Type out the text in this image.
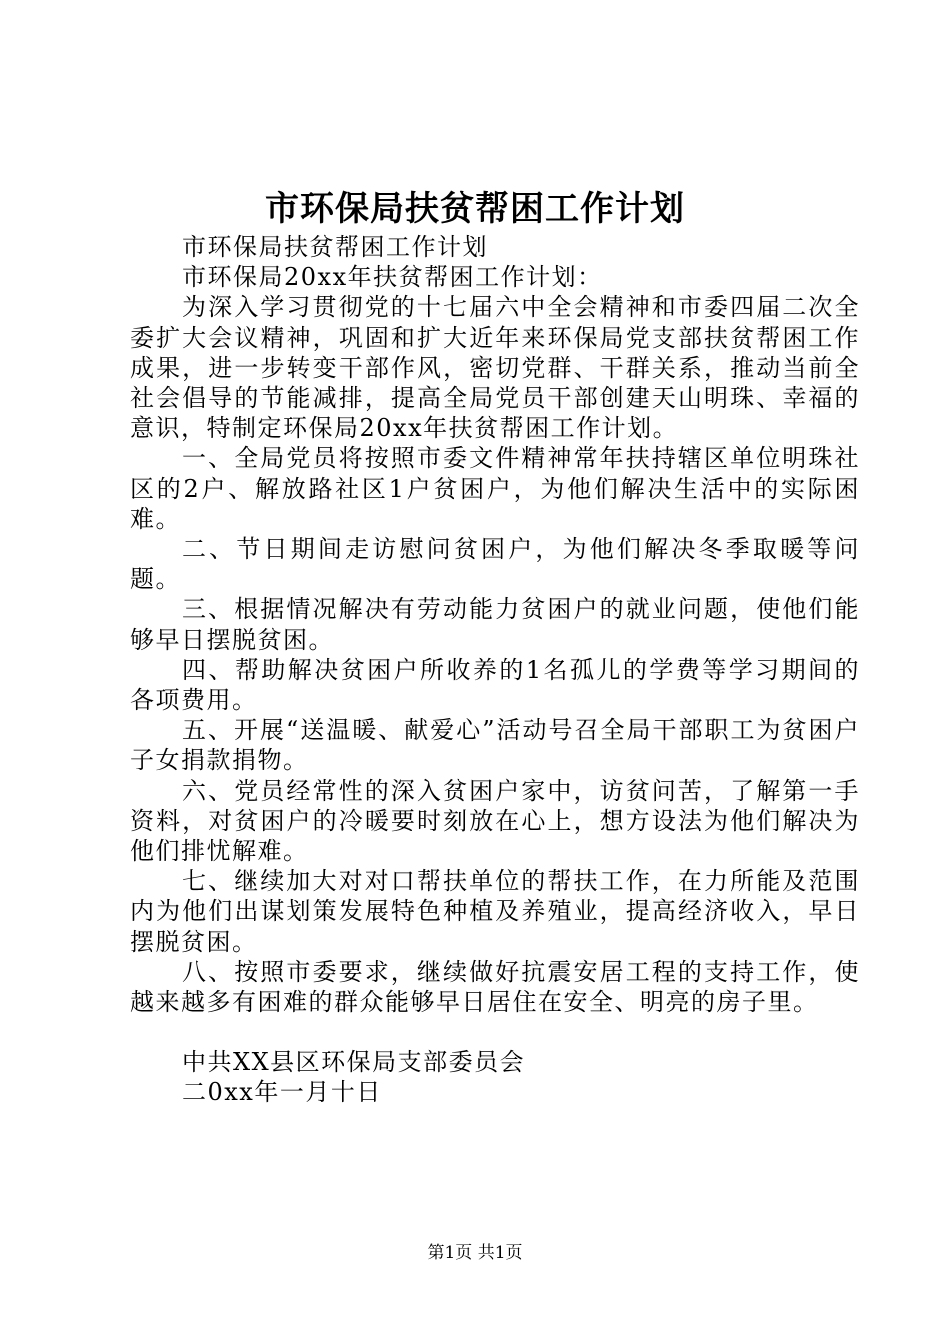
市环保局扶贫帮困工作计划

市环保局扶贫帮困工作计划

市环保局20xx年扶贫帮困工作计划：

为深入学习贯彻党的十七届六中全会精神和市委四届二次全委扩大会议精神，巩固和扩大近年来环保局党支部扶贫帮困工作成果，进一步转变干部作风，密切党群、干群关系，推动当前全社会倡导的节能减排，提高全局党员干部创建天山明珠、幸福的意识，特制定环保局20xx年扶贫帮困工作计划。

一、全局党员将按照市委文件精神常年扶持辖区单位明珠社区的2户、解放路社区1户贫困户，为他们解决生活中的实际困难。

二、节日期间走访慰问贫困户，为他们解决冬季取暖等问题。

三、根据情况解决有劳动能力贫困户的就业问题，使他们能够早日摆脱贫困。

四、帮助解决贫困户所收养的1名孤儿的学费等学习期间的各项费用。

五、开展“送温暖、献爱心”活动号召全局干部职工为贫困户子女捐款捐物。

六、党员经常性的深入贫困户家中，访贫问苦，了解第一手资料，对贫困户的冷暖要时刻放在心上，想方设法为他们解决为他们排忧解难。

七、继续加大对对口帮扶单位的帮扶工作，在力所能及范围内为他们出谋划策发展特色种植及养殖业，提高经济收入，早日摆脱贫困。

八、按照市委要求，继续做好抗震安居工程的支持工作，使越来越多有困难的群众能够早日居住在安全、明亮的房子里。

中共XX县区环保局支部委员会

二0xx年一月十日

第1页 共1页
